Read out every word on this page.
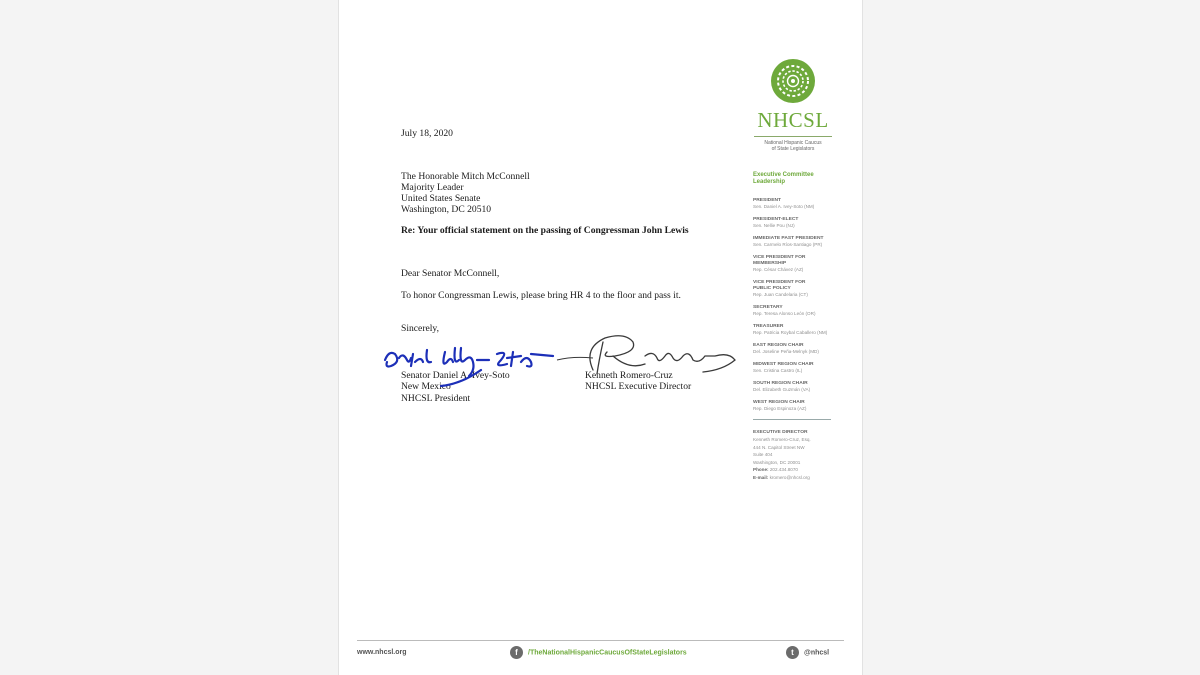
July 18, 2020
The Honorable Mitch McConnell
Majority Leader
United States Senate
Washington, DC 20510
Re: Your official statement on the passing of Congressman John Lewis
Dear Senator McConnell,
To honor Congressman Lewis, please bring HR 4 to the floor and pass it.
Sincerely,
Senator Daniel A. Ivey-Soto
New Mexico
NHCSL President
Kenneth Romero-Cruz
NHCSL Executive Director
NHCSL
National Hispanic Caucus
of State Legislators
Executive Committee
Leadership
PRESIDENT
Sen. Daniel A. Ivey-Soto (NM)
PRESIDENT-ELECT
Sen. Nellie Pou (NJ)
IMMEDIATE PAST PRESIDENT
Sen. Carmelo Ríos-Santiago (PR)
VICE PRESIDENT FOR
MEMBERSHIP
Rep. César Chávez (AZ)
VICE PRESIDENT FOR
PUBLIC POLICY
Rep. Juan Candelaria (CT)
SECRETARY
Rep. Teresa Alonso León (OR)
TREASURER
Rep. Patricia Roybal Caballero (NM)
EAST REGION CHAIR
Del. Joseline Peña-Melnyk (MD)
MIDWEST REGION CHAIR
Sen. Cristina Castro (IL)
SOUTH REGION CHAIR
Del. Elizabeth Guzmán (VA)
WEST REGION CHAIR
Rep. Diego Espinoza (AZ)
EXECUTIVE DIRECTOR
Kenneth Romero-Cruz, Esq.
444 N. Capitol Street NW
Suite 404
Washington, DC 20001
Phone: 202.434.8070
E-mail: kromero@nhcsl.org
www.nhcsl.org	f /TheNationalHispanicCaucusOfStateLegislators	t @nhcsl
